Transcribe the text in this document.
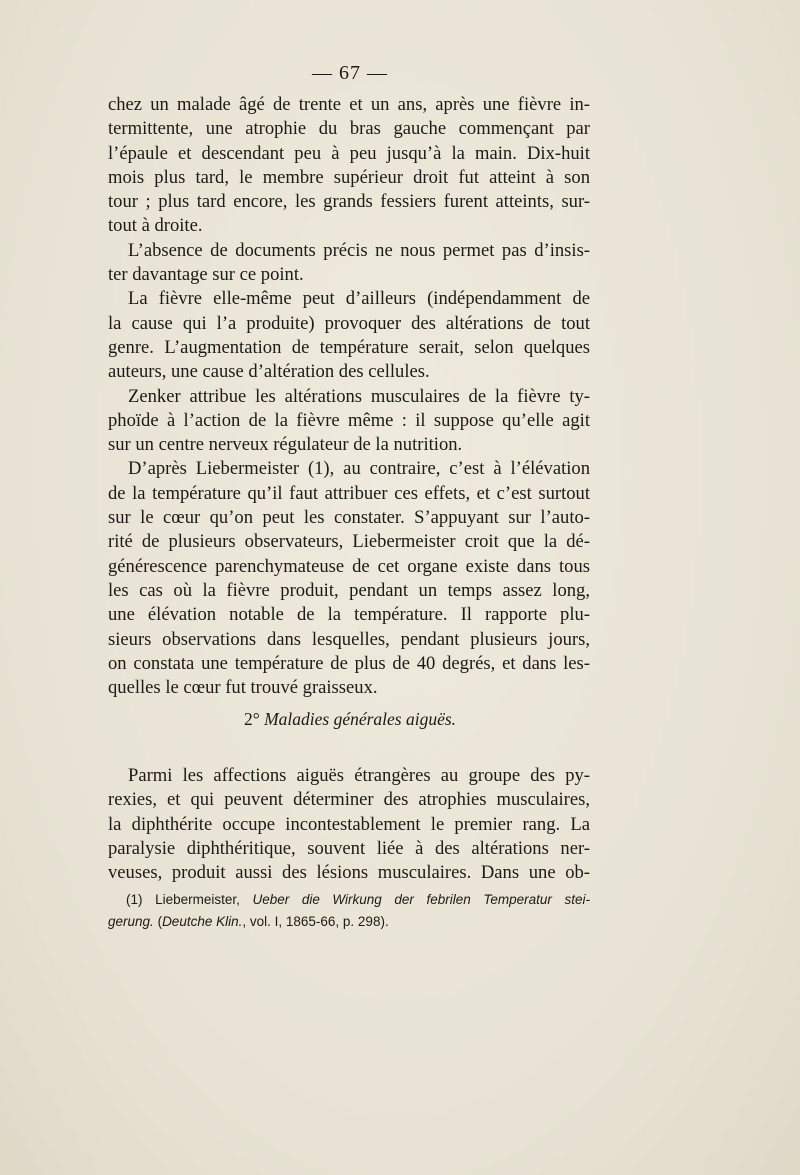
— 67 —
chez un malade âgé de trente et un ans, après une fièvre in-
termittente, une atrophie du bras gauche commençant par
l’épaule et descendant peu à peu jusqu’à la main. Dix-huit
mois plus tard, le membre supérieur droit fut atteint à son
tour ; plus tard encore, les grands fessiers furent atteints, sur-
tout à droite.
L’absence de documents précis ne nous permet pas d’insis-
ter davantage sur ce point.
La fièvre elle-même peut d’ailleurs (indépendamment de
la cause qui l’a produite) provoquer des altérations de tout
genre. L’augmentation de température serait, selon quelques
auteurs, une cause d’altération des cellules.
Zenker attribue les altérations musculaires de la fièvre ty-
phoïde à l’action de la fièvre même : il suppose qu’elle agit
sur un centre nerveux régulateur de la nutrition.
D’après Liebermeister (1), au contraire, c’est à l’élévation
de la température qu’il faut attribuer ces effets, et c’est surtout
sur le cœur qu’on peut les constater. S’appuyant sur l’auto-
rité de plusieurs observateurs, Liebermeister croit que la dé-
générescence parenchymateuse de cet organe existe dans tous
les cas où la fièvre produit, pendant un temps assez long,
une élévation notable de la température. Il rapporte plu-
sieurs observations dans lesquelles, pendant plusieurs jours,
on constata une température de plus de 40 degrés, et dans les-
quelles le cœur fut trouvé graisseux.
2° Maladies générales aiguës.
Parmi les affections aiguës étrangères au groupe des py-
rexies, et qui peuvent déterminer des atrophies musculaires,
la diphthérite occupe incontestablement le premier rang. La
paralysie diphthéritique, souvent liée à des altérations ner-
veuses, produit aussi des lésions musculaires. Dans une ob-
(1) Liebermeister, Ueber die Wirkung der febrilen Temperatur stei-
gerung. (Deutche Klin., vol. I, 1865-66, p. 298).
